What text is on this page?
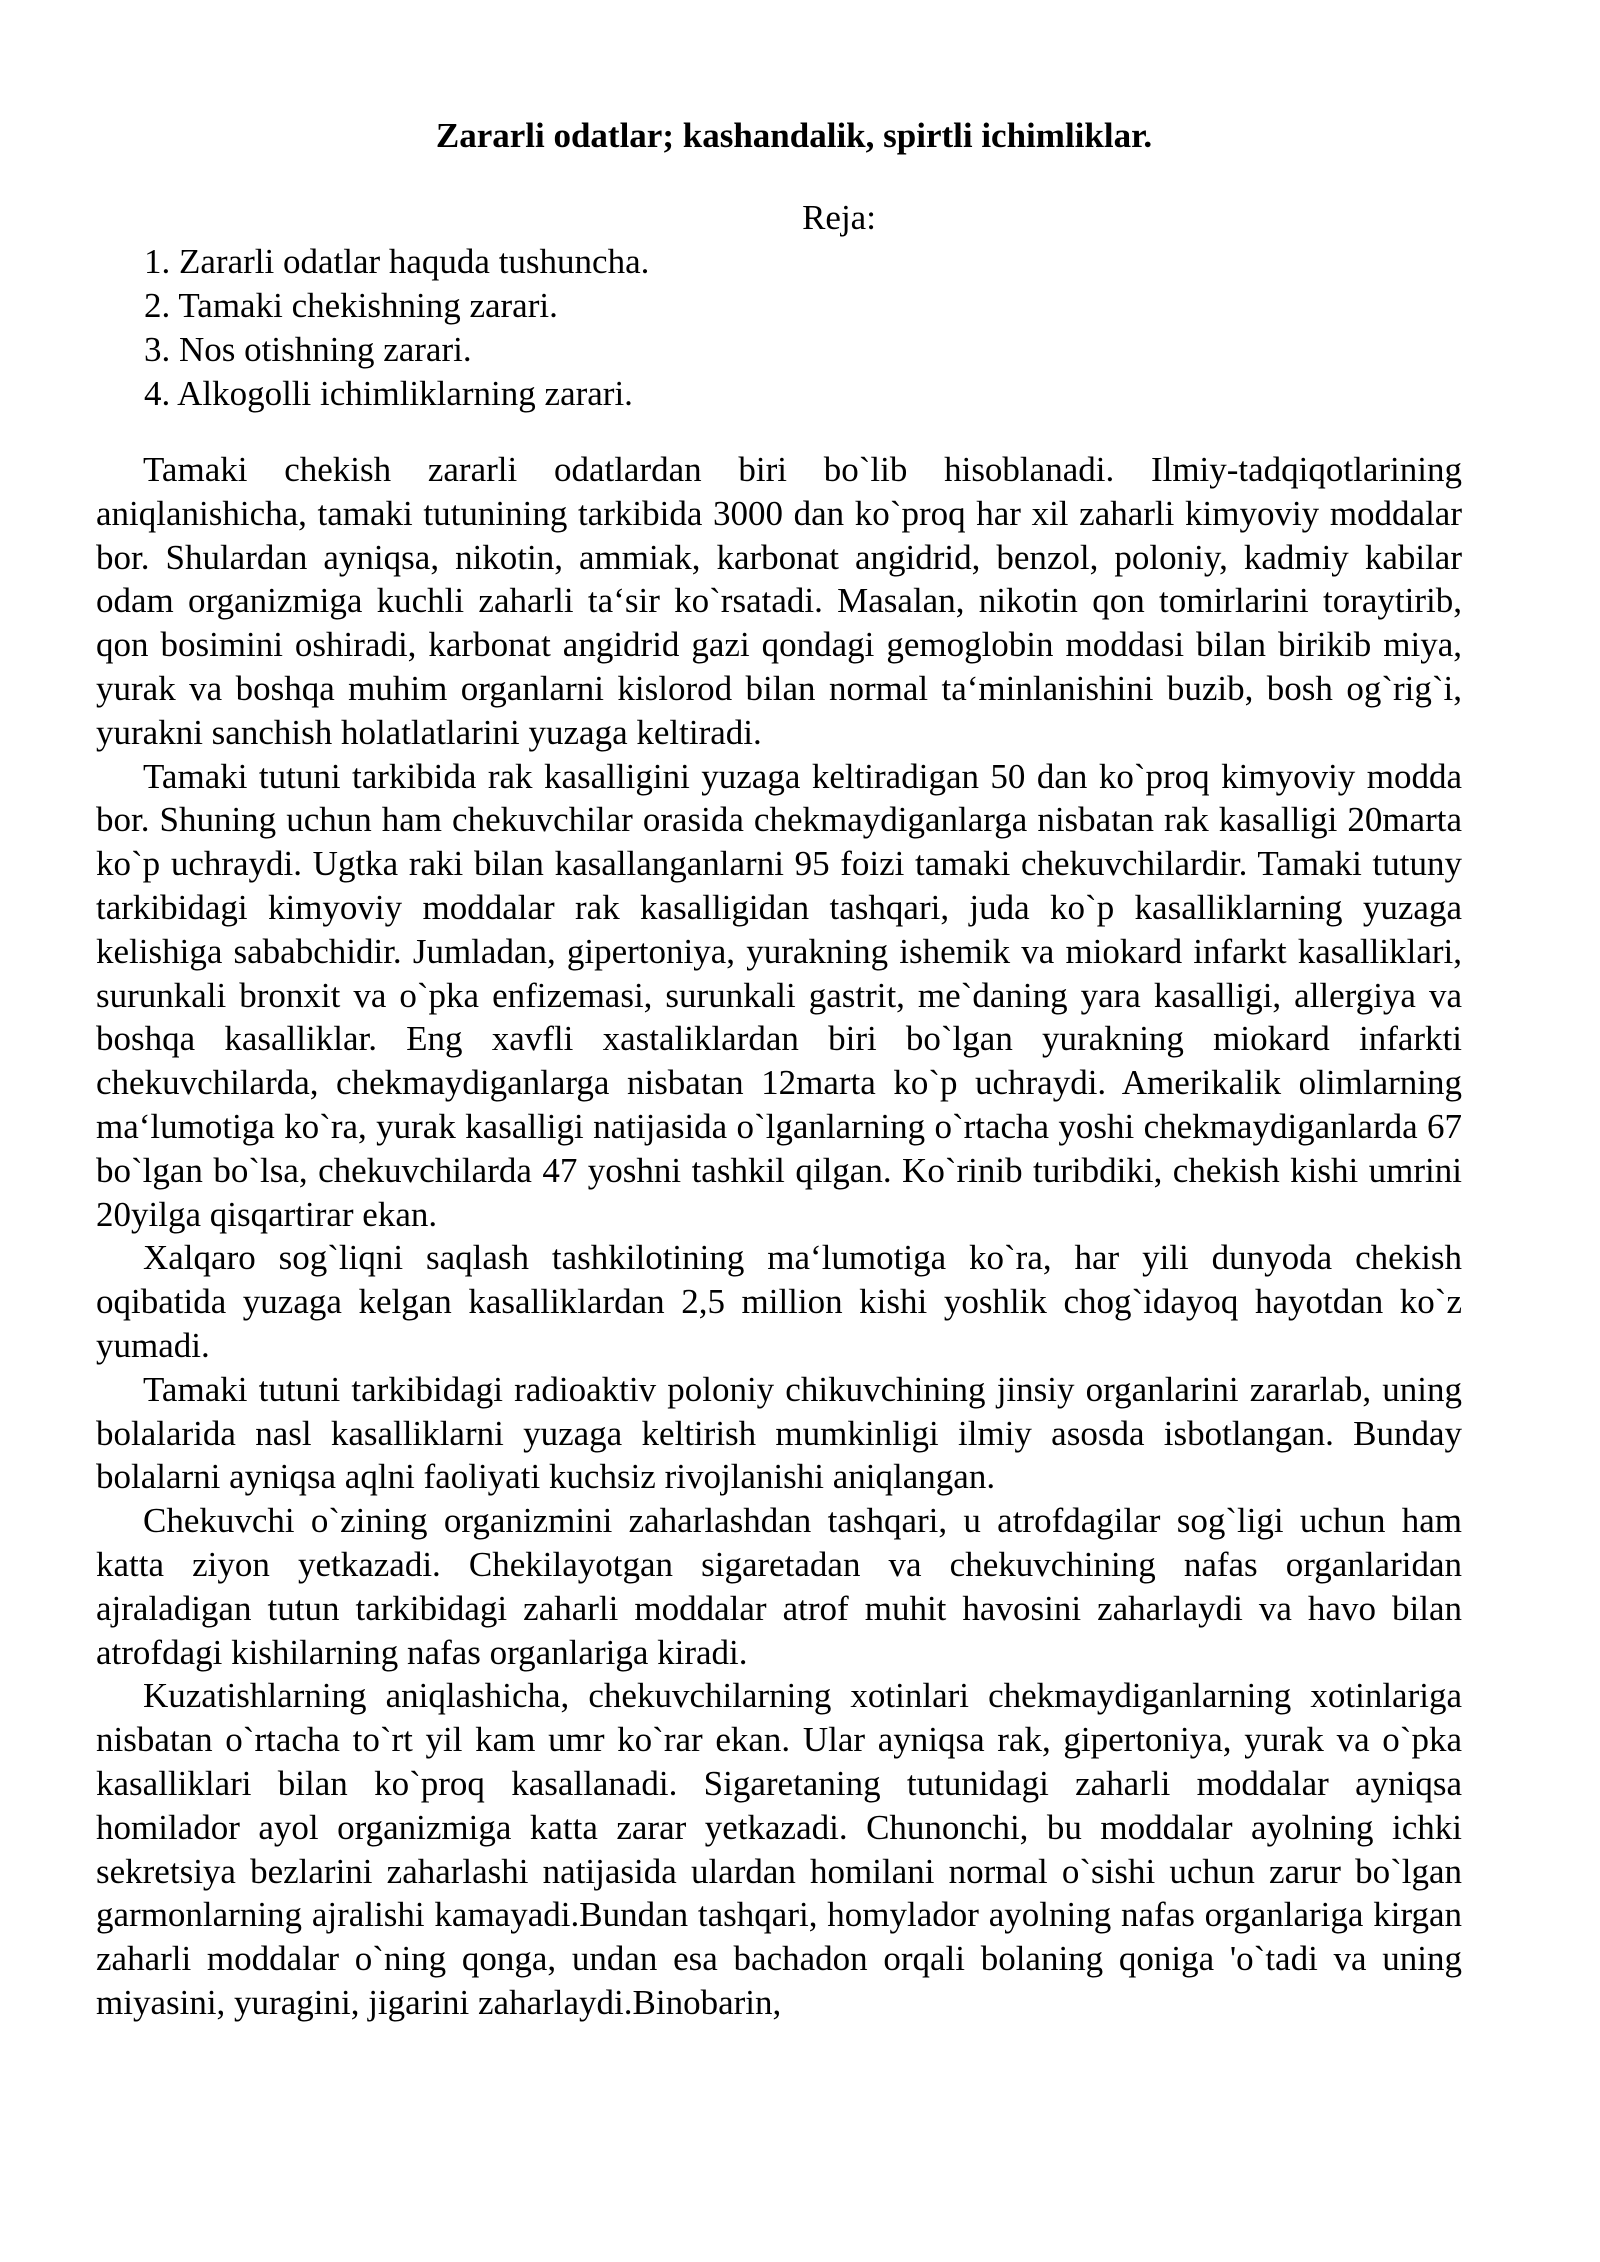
Zararli odatlar; kashandalik, spirtli ichimliklar.

Reja:

1. Zararli odatlar haquda tushuncha.
2. Tamaki chekishning zarari.
3. Nos otishning zarari.
4. Alkogolli ichimliklarning zarari.

Tamaki chekish zararli odatlardan biri bo`lib hisoblanadi. Ilmiy-tadqiqotlarining aniqlanishicha, tamaki tutunining tarkibida 3000 dan ko`proq har xil zaharli kimyoviy moddalar bor. Shulardan ayniqsa, nikotin, ammiak, karbonat angidrid, benzol, poloniy, kadmiy kabilar odam organizmiga kuchli zaharli ta‘sir ko`rsatadi. Masalan, nikotin qon tomirlarini toraytirib, qon bosimini oshiradi, karbonat angidrid gazi qondagi gemoglobin moddasi bilan birikib miya, yurak va boshqa muhim organlarni kislorod bilan normal ta‘minlanishini buzib, bosh og`rig`i, yurakni sanchish holatlatlarini yuzaga keltiradi.

Tamaki tutuni tarkibida rak kasalligini yuzaga keltiradigan 50 dan ko`proq kimyoviy modda bor. Shuning uchun ham chekuvchilar orasida chekmaydiganlarga nisbatan rak kasalligi 20marta ko`p uchraydi. Ugtka raki bilan kasallanganlarni 95 foizi tamaki chekuvchilardir. Tamaki tutuny tarkibidagi kimyoviy moddalar rak kasalligidan tashqari, juda ko`p kasalliklarning yuzaga kelishiga sababchidir. Jumladan, gipertoniya, yurakning ishemik va miokard infarkt kasalliklari, surunkali bronxit va o`pka enfizemasi, surunkali gastrit, me`daning yara kasalligi, allergiya va boshqa kasalliklar. Eng xavfli xastaliklardan biri bo`lgan yurakning miokard infarkti chekuvchilarda, chekmaydiganlarga nisbatan 12marta ko`p uchraydi. Amerikalik olimlarning ma‘lumotiga ko`ra, yurak kasalligi natijasida o`lganlarning o`rtacha yoshi chekmaydiganlarda 67 bo`lgan bo`lsa, chekuvchilarda 47 yoshni tashkil qilgan. Ko`rinib turibdiki, chekish kishi umrini 20yilga qisqartirar ekan.

Xalqaro sog`liqni saqlash tashkilotining ma‘lumotiga ko`ra, har yili dunyoda chekish oqibatida yuzaga kelgan kasalliklardan 2,5 million kishi yoshlik chog`idayoq hayotdan ko`z yumadi.

Tamaki tutuni tarkibidagi radioaktiv poloniy chikuvchining jinsiy organlarini zararlab, uning bolalarida nasl kasalliklarni yuzaga keltirish mumkinligi ilmiy asosda isbotlangan. Bunday bolalarni ayniqsa aqlni faoliyati kuchsiz rivojlanishi aniqlangan.

Chekuvchi o`zining organizmini zaharlashdan tashqari, u atrofdagilar sog`ligi uchun ham katta ziyon yetkazadi. Chekilayotgan sigaretadan va chekuvchining nafas organlaridan ajraladigan tutun tarkibidagi zaharli moddalar atrof muhit havosini zaharlaydi va havo bilan atrofdagi kishilarning nafas organlariga kiradi.

Kuzatishlarning aniqlashicha, chekuvchilarning xotinlari chekmaydiganlarning xotinlariga nisbatan o`rtacha to`rt yil kam umr ko`rar ekan. Ular ayniqsa rak, gipertoniya, yurak va o`pka kasalliklari bilan ko`proq kasallanadi. Sigaretaning tutunidagi zaharli moddalar ayniqsa homilador ayol organizmiga katta zarar yetkazadi. Chunonchi, bu moddalar ayolning ichki sekretsiya bezlarini zaharlashi natijasida ulardan homilani normal o`sishi uchun zarur bo`lgan garmonlarning ajralishi kamayadi.Bundan tashqari, homylador ayolning nafas organlariga kirgan zaharli moddalar o`ning qonga, undan esa bachadon orqali bolaning qoniga 'o`tadi va uning miyasini, yuragini, jigarini zaharlaydi.Binobarin,
